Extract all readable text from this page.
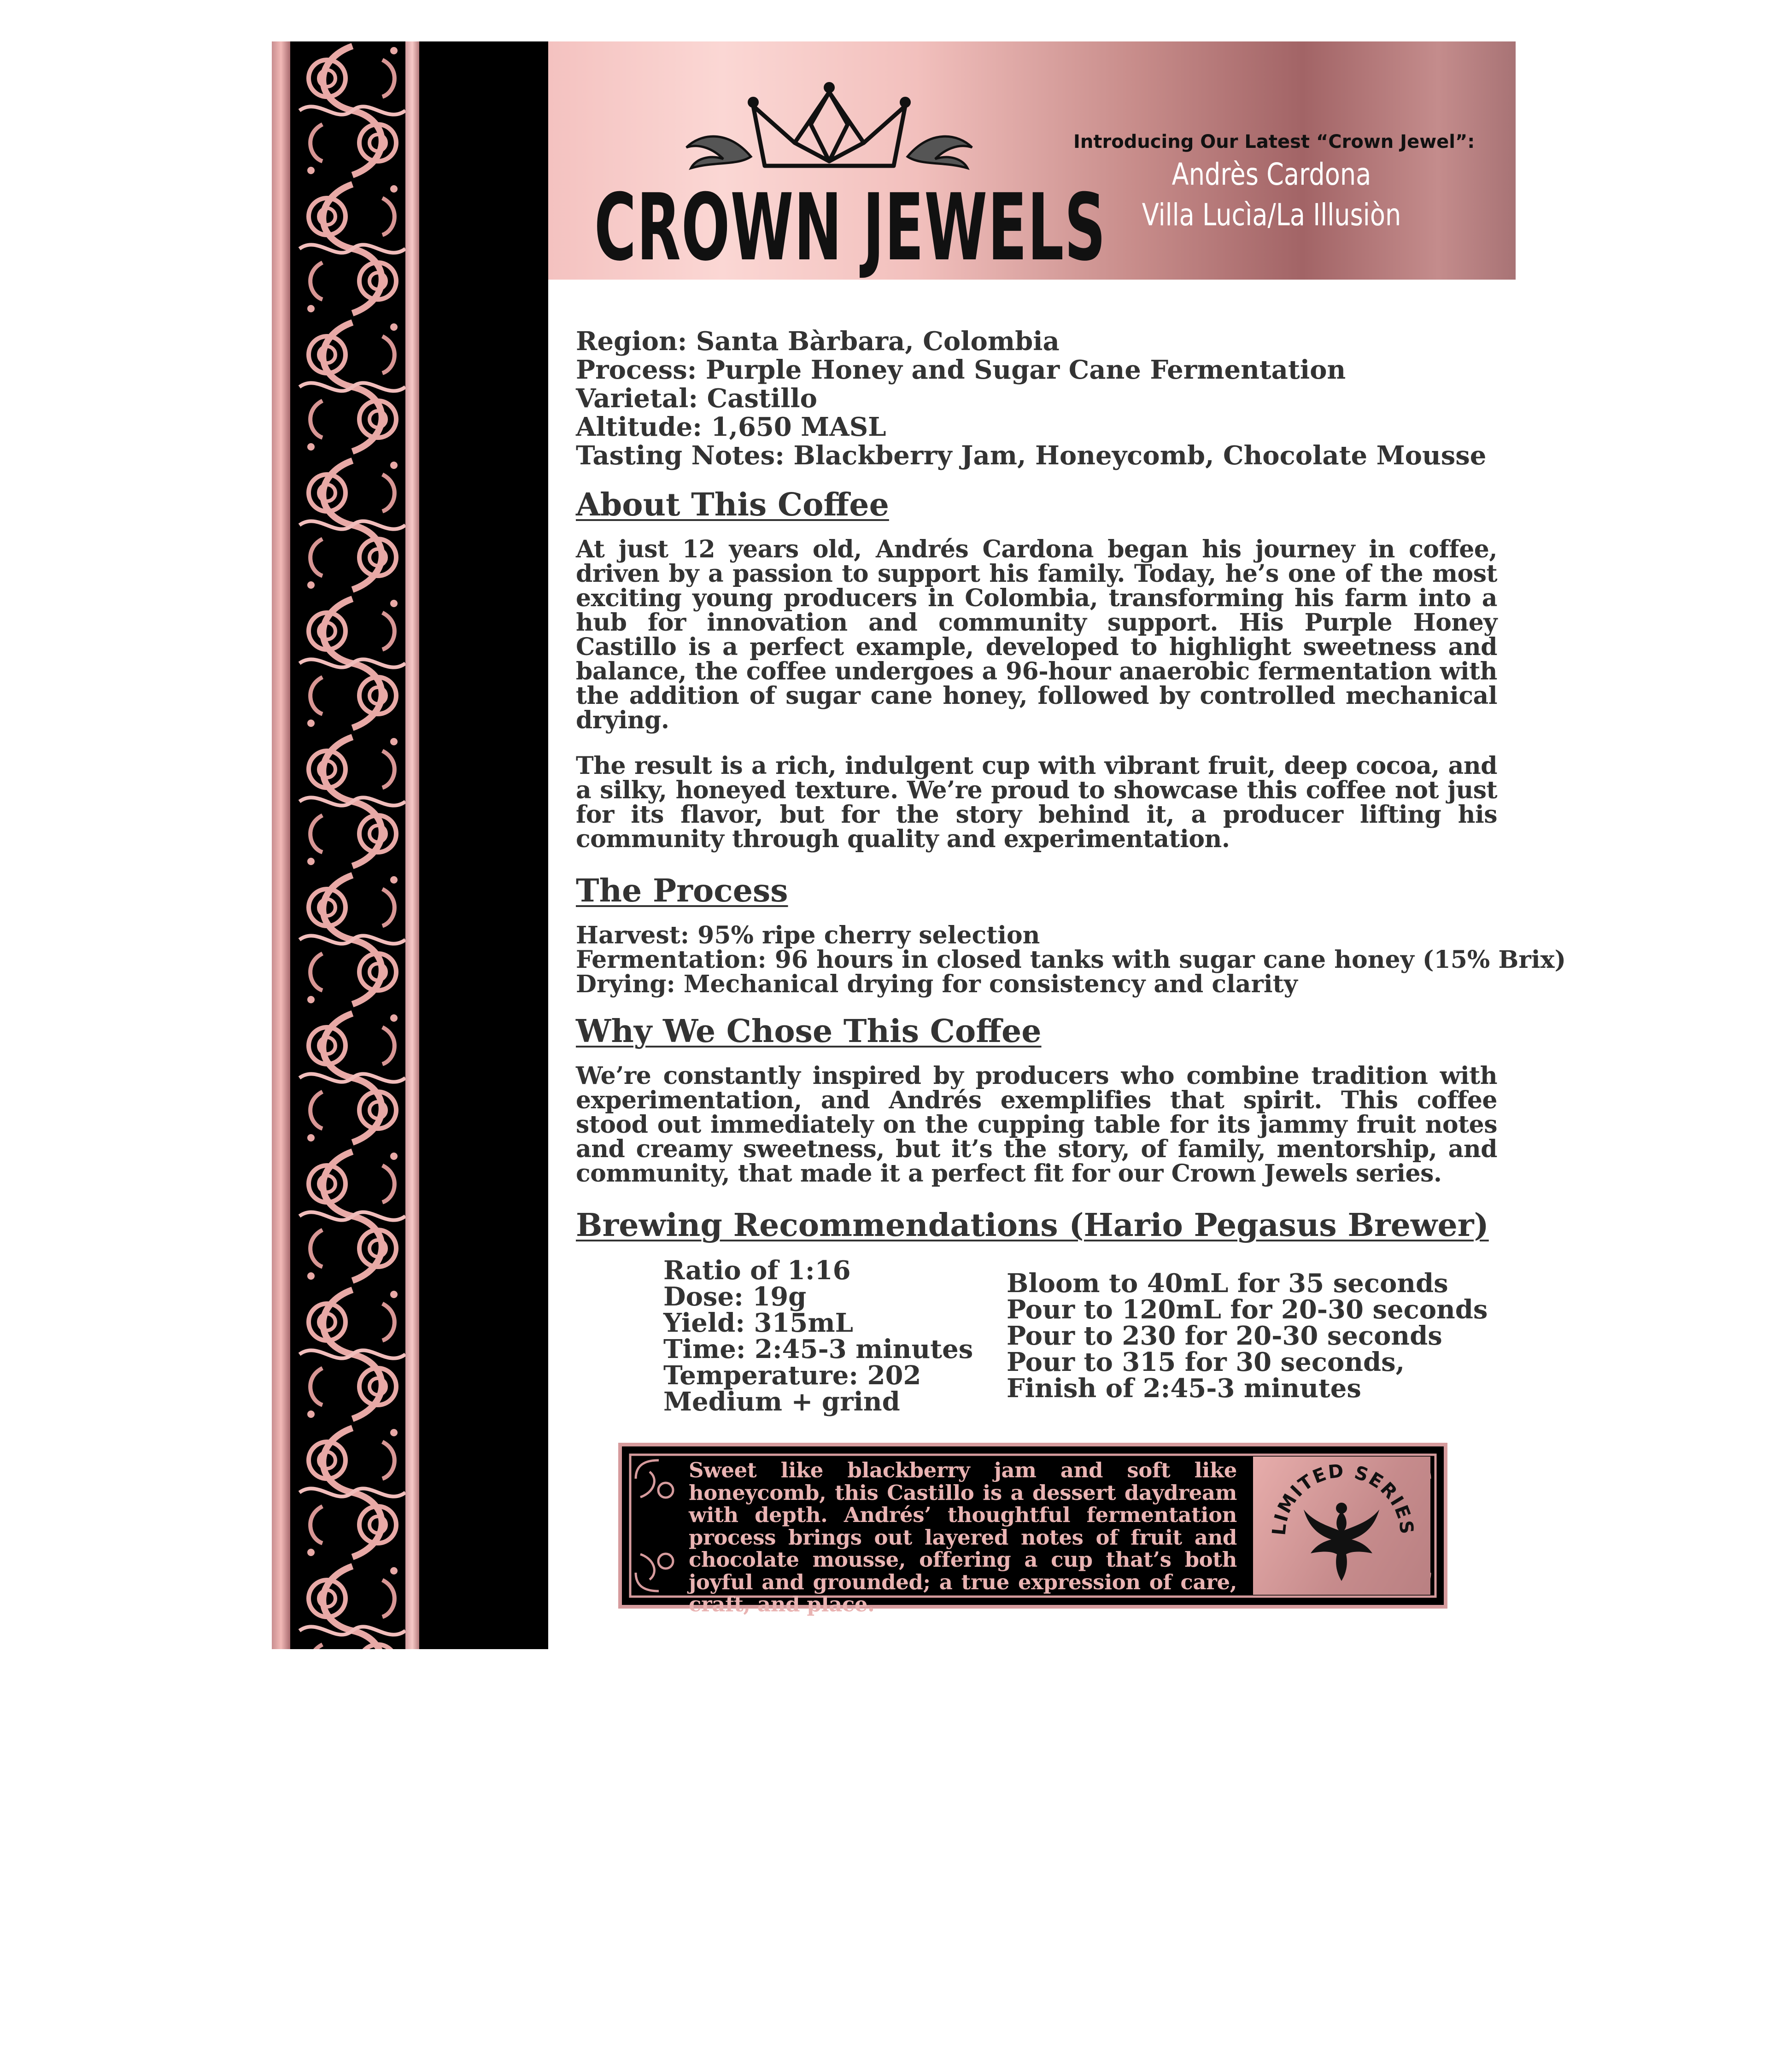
CROWN JEWELS
Introducing Our Latest “Crown Jewel”:
Andrès Cardona
Villa Lucìa/La Illusiòn
Region: Santa Bàrbara, Colombia
Process: Purple Honey and Sugar Cane Fermentation
Varietal: Castillo
Altitude: 1,650 MASL
Tasting Notes: Blackberry Jam, Honeycomb, Chocolate Mousse
About This Coffee

At just 12 years old, Andrés Cardona began his journey in coffee, driven by a passion to support his family. Today, he’s one of the most exciting young producers in Colombia, transforming his farm into a hub for innovation and community support. His Purple Honey Castillo is a perfect example, developed to highlight sweetness and balance, the coffee undergoes a 96-hour anaerobic fermentation with the addition of sugar cane honey, followed by controlled mechanical drying.

The result is a rich, indulgent cup with vibrant fruit, deep cocoa, and a silky, honeyed texture. We’re proud to showcase this coffee not just for its flavor, but for the story behind it, a producer lifting his community through quality and experimentation.

The Process
Harvest: 95% ripe cherry selection
Fermentation: 96 hours in closed tanks with sugar cane honey (15% Brix)
Drying: Mechanical drying for consistency and clarity
Why We Chose This Coffee

We’re constantly inspired by producers who combine tradition with experimentation, and Andrés exemplifies that spirit. This coffee stood out immediately on the cupping table for its jammy fruit notes and creamy sweetness, but it’s the story, of family, mentorship, and community, that made it a perfect fit for our Crown Jewels series.

Brewing Recommendations (Hario Pegasus Brewer)
Ratio of 1:16
Dose: 19g
Yield: 315mL
Time: 2:45-3 minutes
Temperature: 202
Medium + grind
Bloom to 40mL for 35 seconds
Pour to 120mL for 20-30 seconds
Pour to 230 for 20-30 seconds
Pour to 315 for 30 seconds,
Finish of 2:45-3 minutes
Sweet like blackberry jam and soft like honeycomb, this Castillo is a dessert daydream with depth. Andrés’ thoughtful fermentation process brings out layered notes of fruit and chocolate mousse, offering a cup that’s both joyful and grounded; a true expression of care, craft, and place.
LIMITED SERIES
